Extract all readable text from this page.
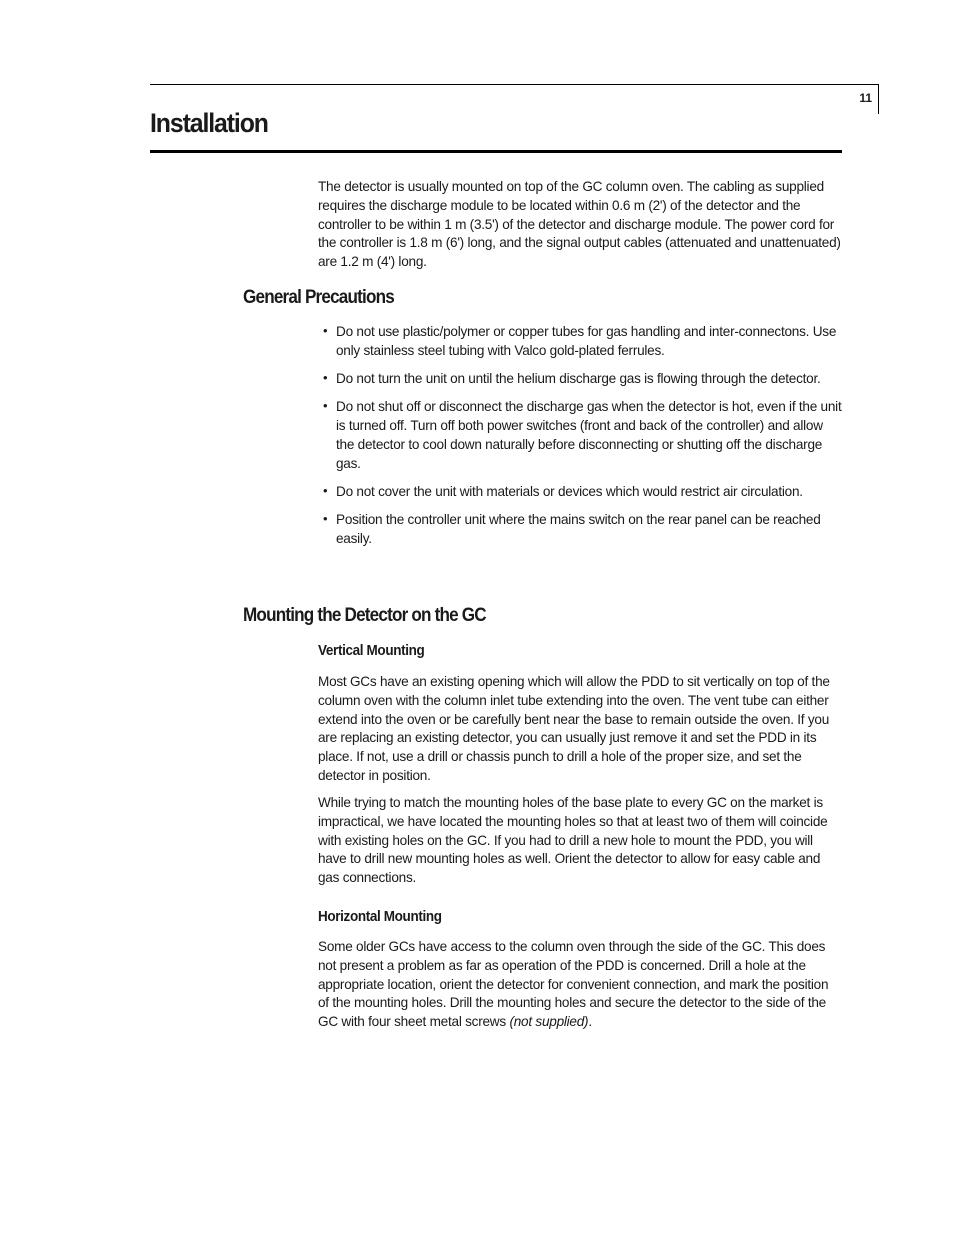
11
Installation

The detector is usually mounted on top of the GC column oven. The cabling as supplied requires the discharge module to be located within 0.6 m (2') of the detector and the controller to be within 1 m (3.5') of the detector and discharge module. The power cord for the controller is 1.8 m (6') long, and the signal output cables (attenuated and unattenuated) are 1.2 m (4') long.

General Precautions
• Do not use plastic/polymer or copper tubes for gas handling and inter-connectons. Use only stainless steel tubing with Valco gold-plated ferrules.
• Do not turn the unit on until the helium discharge gas is flowing through the detector.
• Do not shut off or disconnect the discharge gas when the detector is hot, even if the unit is turned off. Turn off both power switches (front and back of the controller) and allow the detector to cool down naturally before disconnecting or shutting off the discharge gas.
• Do not cover the unit with materials or devices which would restrict air circulation.
• Position the controller unit where the mains switch on the rear panel can be reached easily.
Mounting the Detector on the GC
Vertical Mounting

Most GCs have an existing opening which will allow the PDD to sit vertically on top of the column oven with the column inlet tube extending into the oven. The vent tube can either extend into the oven or be carefully bent near the base to remain outside the oven. If you are replacing an existing detector, you can usually just remove it and set the PDD in its place. If not, use a drill or chassis punch to drill a hole of the proper size, and set the detector in position.

While trying to match the mounting holes of the base plate to every GC on the market is impractical, we have located the mounting holes so that at least two of them will coincide with existing holes on the GC. If you had to drill a new hole to mount the PDD, you will have to drill new mounting holes as well. Orient the detector to allow for easy cable and gas connections.

Horizontal Mounting

Some older GCs have access to the column oven through the side of the GC. This does not present a problem as far as operation of the PDD is concerned. Drill a hole at the appropriate location, orient the detector for convenient connection, and mark the position of the mounting holes. Drill the mounting holes and secure the detector to the side of the GC with four sheet metal screws (not supplied).
